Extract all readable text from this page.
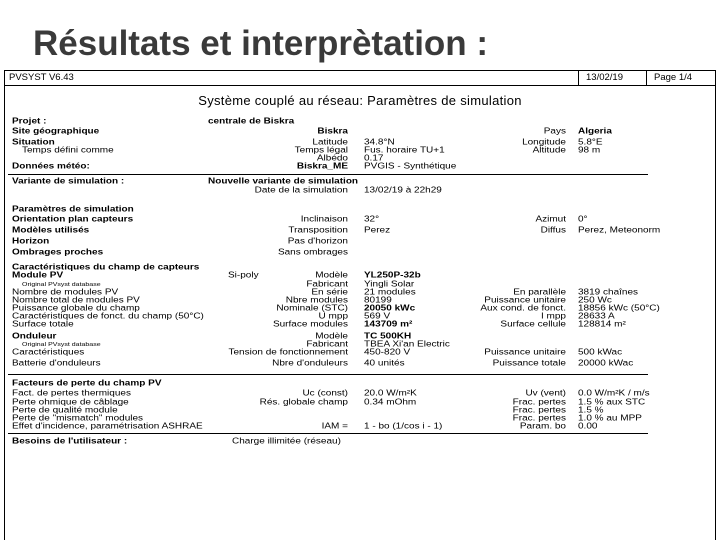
Résultats et interprètation :
PVSYST V6.43	13/02/19	Page 1/4
Système couplé au réseau: Paramètres de simulation
Projet :	centrale de Biskra
Site géographique	Biskra	Pays Algeria
Situation	Latitude 34.8°N	Longitude 5.8°E
Temps défini comme	Temps légal Fus. horaire TU+1	Altitude 98 m
Albédo 0.17
Données météo:	Biskra_ME PVGIS - Synthétique
Variante de simulation :	Nouvelle variante de simulation
Date de la simulation 13/02/19 à 22h29
Paramètres de simulation
Orientation plan capteurs	Inclinaison 32°	Azimut 0°
Modèles utilisés	Transposition Perez	Diffus Perez, Meteonorm
Horizon	Pas d'horizon
Ombrages proches	Sans ombrages
Caractéristiques du champ de capteurs
Module PV	Si-poly	Modèle YL250P-32b
Original PVsyst database	Fabricant Yingli Solar
Nombre de modules PV	En série 21 modules	En parallèle 3819 chaînes
Nombre total de modules PV	Nbre modules 80199	Puissance unitaire 250 Wc
Puissance globale du champ	Nominale (STC) 20050 kWc	Aux cond. de fonct. 18856 kWc (50°C)
Caractéristiques de fonct. du champ (50°C)	U mpp 569 V	I mpp 28633 A
Surface totale	Surface modules 143709 m²	Surface cellule 128814 m²
Onduleur	Modèle TC 500KH
Original PVsyst database	Fabricant TBEA Xi'an Electric
Caractéristiques	Tension de fonctionnement 450-820 V	Puissance unitaire 500 kWac
Batterie d'onduleurs	Nbre d'onduleurs 40 unités	Puissance totale 20000 kWac
Facteurs de perte du champ PV
Fact. de pertes thermiques	Uc (const) 20.0 W/m²K	Uv (vent) 0.0 W/m²K / m/s
Perte ohmique de câblage	Rés. globale champ 0.34 mOhm	Frac. pertes 1.5 % aux STC
Perte de qualité module	Frac. pertes 1.5 %
Perte de "mismatch" modules	Frac. pertes 1.0 % au MPP
Effet d'incidence, paramétrisation ASHRAE	IAM = 1 - bo (1/cos i - 1)	Param. bo 0.00
Besoins de l'utilisateur :	Charge illimitée (réseau)
